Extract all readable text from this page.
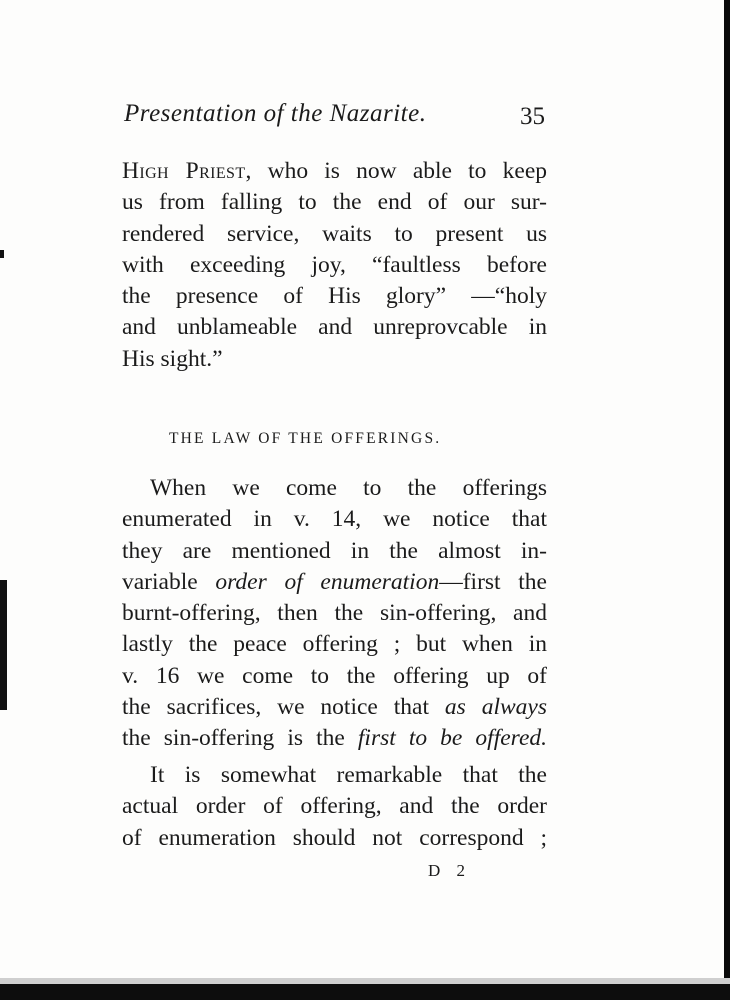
Presentation of the Nazarite.	35
High Priest, who is now able to keep
us from falling to the end of our sur-
rendered service, waits to present us
with exceeding joy, “faultless before
the presence of His glory” —“holy
and unblameable and unreprovcable in
His sight.”
THE LAW OF THE OFFERINGS.
When we come to the offerings
enumerated in v. 14, we notice that
they are mentioned in the almost in-
variable order of enumeration—first the
burnt-offering, then the sin-offering, and
lastly the peace offering ; but when in
v. 16 we come to the offering up of
the sacrifices, we notice that as always
the sin-offering is the first to be offered.
It is somewhat remarkable that the
actual order of offering, and the order
of enumeration should not correspond ;
D 2
